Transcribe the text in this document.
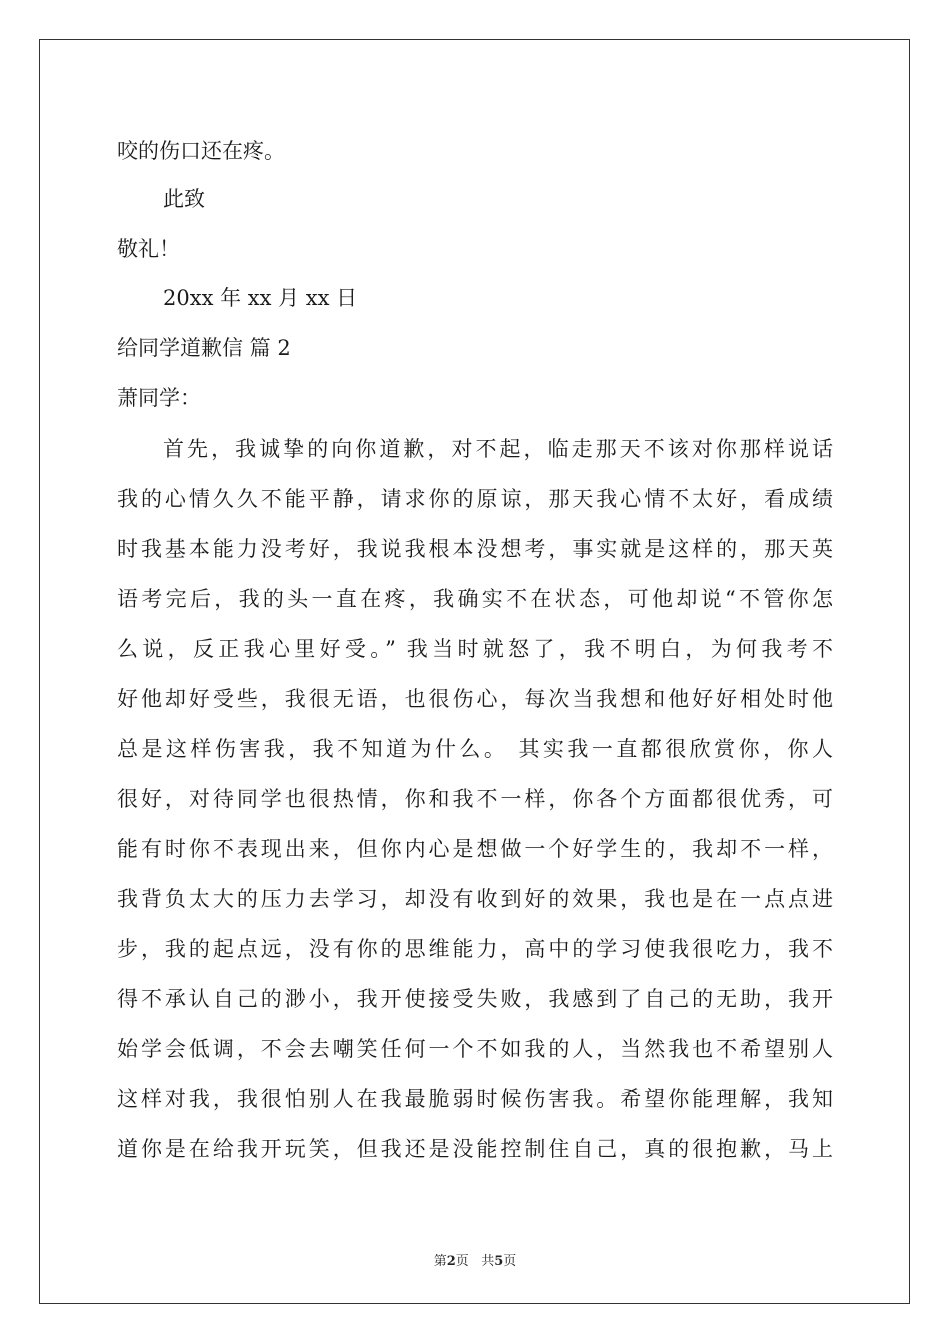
咬的伤口还在疼。
此致
敬礼！
20xx 年 xx 月 xx 日
给同学道歉信 篇 2
萧同学：
首先，我诚挚的向你道歉，对不起，临走那天不该对你那样说话
我的心情久久不能平静，请求你的原谅，那天我心情不太好，看成绩
时我基本能力没考好，我说我根本没想考，事实就是这样的，那天英
语考完后，我的头一直在疼，我确实不在状态，可他却说“不管你怎
么说，反正我心里好受。” 我当时就怒了，我不明白，为何我考不
好他却好受些，我很无语，也很伤心，每次当我想和他好好相处时他
总是这样伤害我，我不知道为什么。 其实我一直都很欣赏你，你人
很好，对待同学也很热情，你和我不一样，你各个方面都很优秀，可
能有时你不表现出来，但你内心是想做一个好学生的，我却不一样，
我背负太大的压力去学习，却没有收到好的效果，我也是在一点点进
步，我的起点远，没有你的思维能力，高中的学习使我很吃力，我不
得不承认自己的渺小，我开使接受失败，我感到了自己的无助，我开
始学会低调，不会去嘲笑任何一个不如我的人，当然我也不希望别人
这样对我，我很怕别人在我最脆弱时候伤害我。希望你能理解，我知
道你是在给我开玩笑，但我还是没能控制住自己，真的很抱歉，马上
第2页 共5页
